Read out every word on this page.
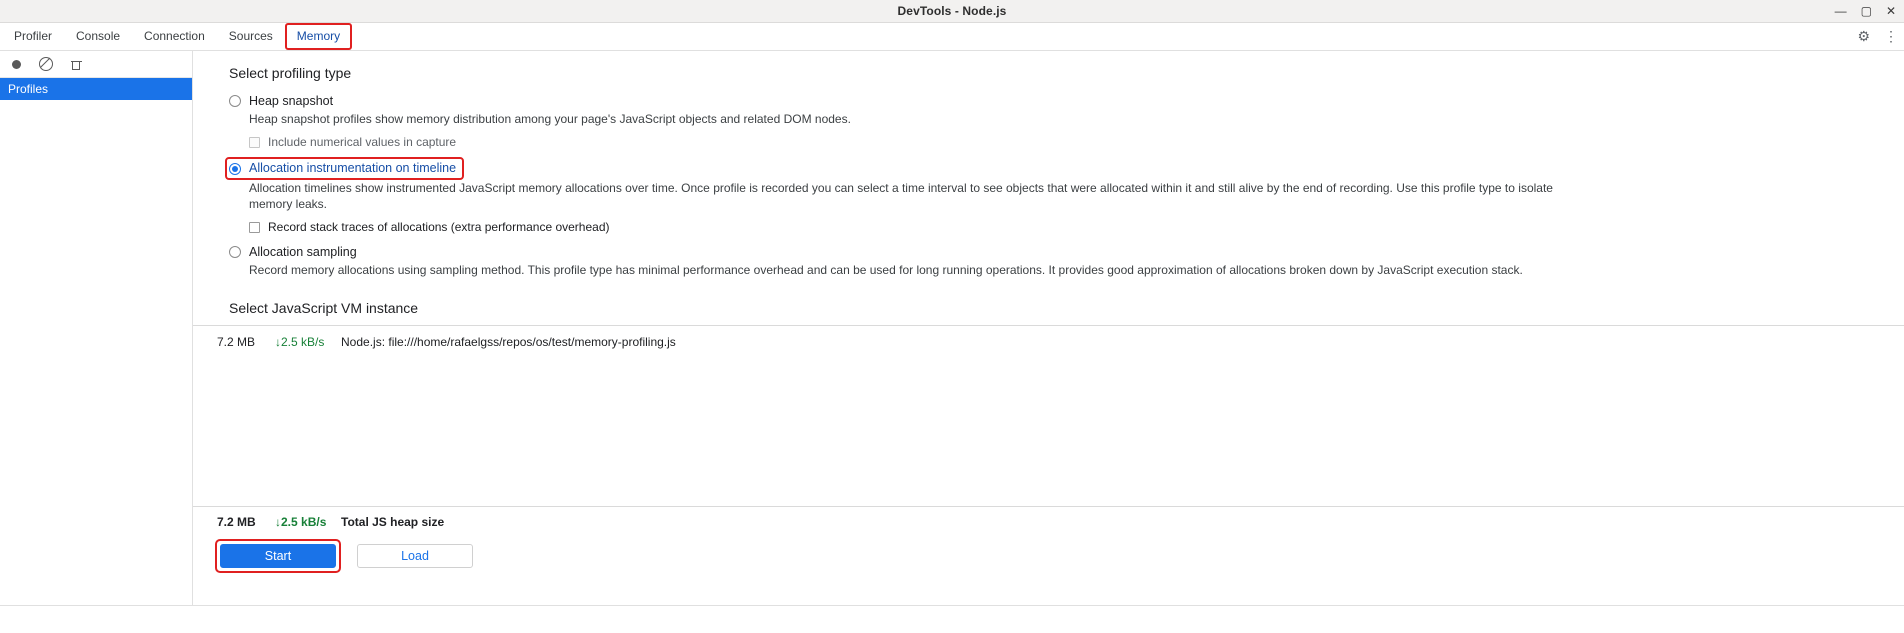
DevTools - Node.js	— ▢ ✕
Profiler	Console	Connection	Sources	Memory	⚙ ⋮
Profiles
Select profiling type
Heap snapshot
Heap snapshot profiles show memory distribution among your page's JavaScript objects and related DOM nodes.
Include numerical values in capture
Allocation instrumentation on timeline
Allocation timelines show instrumented JavaScript memory allocations over time. Once profile is recorded you can select a time interval to see objects that were allocated within it and still alive by the end of recording. Use this profile type to isolate memory leaks.
Record stack traces of allocations (extra performance overhead)
Allocation sampling
Record memory allocations using sampling method. This profile type has minimal performance overhead and can be used for long running operations. It provides good approximation of allocations broken down by JavaScript execution stack.
Select JavaScript VM instance
7.2 MB	↓2.5 kB/s	Node.js: file:///home/rafaelgss/repos/os/test/memory-profiling.js
7.2 MB	↓2.5 kB/s	Total JS heap size
Start	Load
